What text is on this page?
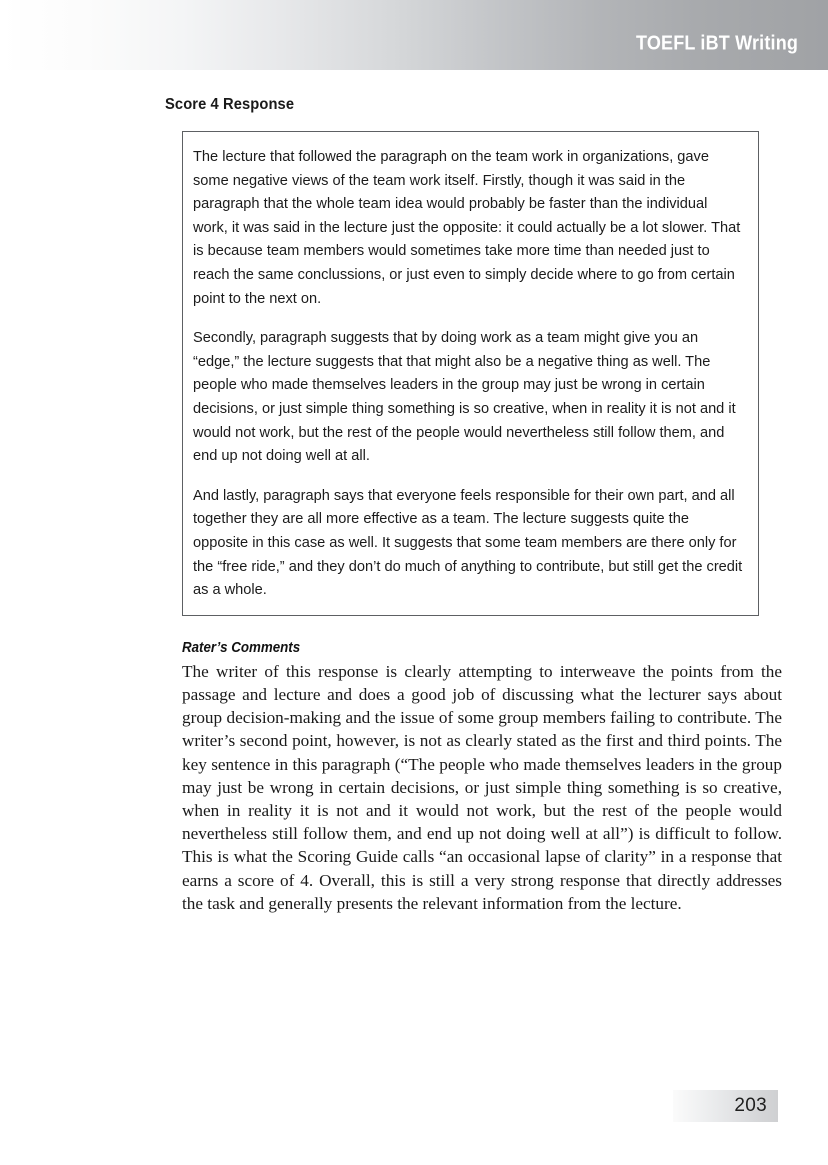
TOEFL iBT Writing
Score 4 Response

The lecture that followed the paragraph on the team work in organizations, gave some negative views of the team work itself. Firstly, though it was said in the paragraph that the whole team idea would probably be faster than the individual work, it was said in the lecture just the opposite: it could actually be a lot slower. That is because team members would sometimes take more time than needed just to reach the same conclussions, or just even to simply decide where to go from certain point to the next on.

Secondly, paragraph suggests that by doing work as a team might give you an “edge,” the lecture suggests that that might also be a negative thing as well. The people who made themselves leaders in the group may just be wrong in certain decisions, or just simple thing something is so creative, when in reality it is not and it would not work, but the rest of the people would nevertheless still follow them, and end up not doing well at all.

And lastly, paragraph says that everyone feels responsible for their own part, and all together they are all more effective as a team. The lecture suggests quite the opposite in this case as well. It suggests that some team members are there only for the “free ride,” and they don’t do much of anything to contribute, but still get the credit as a whole.

Rater’s Comments

The writer of this response is clearly attempting to interweave the points from the passage and lecture and does a good job of discussing what the lecturer says about group decision-making and the issue of some group members failing to contribute. The writer’s second point, however, is not as clearly stated as the first and third points. The key sentence in this paragraph (“The people who made themselves leaders in the group may just be wrong in certain decisions, or just simple thing something is so creative, when in reality it is not and it would not work, but the rest of the people would nevertheless still follow them, and end up not doing well at all”) is difficult to follow. This is what the Scoring Guide calls “an occasional lapse of clarity” in a response that earns a score of 4. Overall, this is still a very strong response that directly addresses the task and generally presents the relevant information from the lecture.

203
